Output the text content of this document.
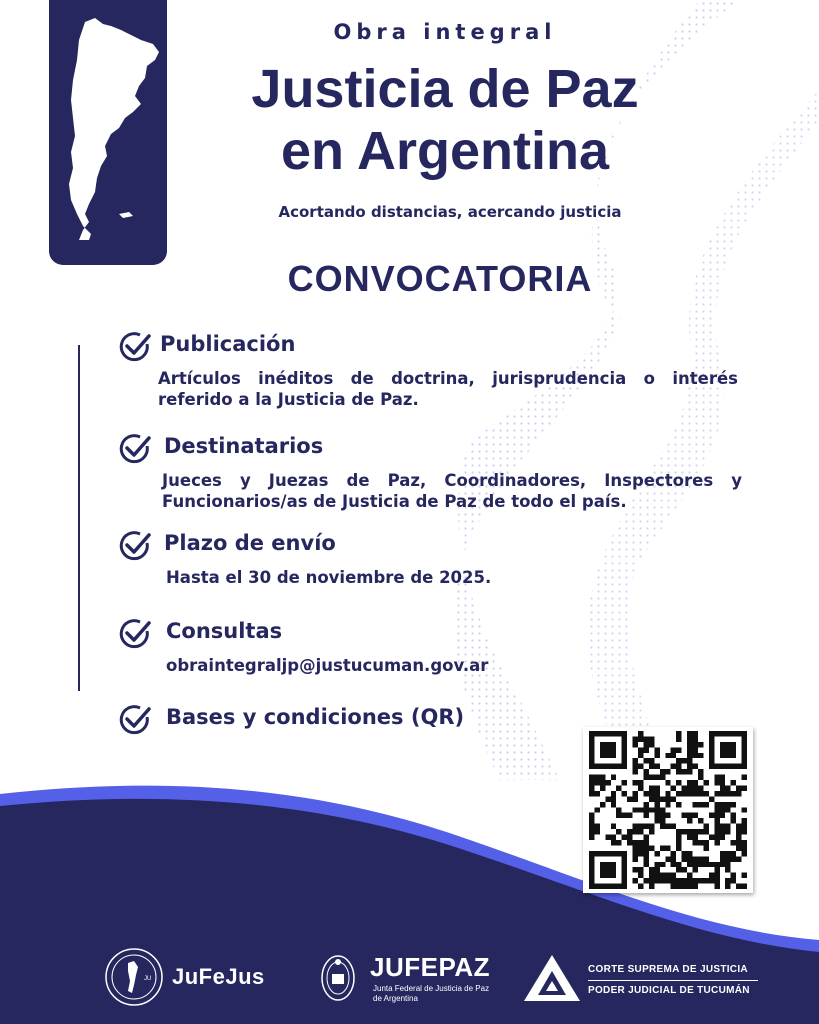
Obra integral
Justicia de Paz
en Argentina
Acortando distancias, acercando justicia
CONVOCATORIA
Publicación
Artículos inéditos de doctrina, jurisprudencia o interés referido a la Justicia de Paz.
Destinatarios
Jueces y Juezas de Paz, Coordinadores, Inspectores y Funcionarios/as de Justicia de Paz de todo el país.
Plazo de envío
Hasta el 30 de noviembre de 2025.
Consultas
obraintegraljp@justucuman.gov.ar
Bases y condiciones (QR)
JU JuFeJus	JUFEPAZ
Junta Federal de Justicia de Paz de Argentina
CORTE SUPREMA DE JUSTICIA
PODER JUDICIAL DE TUCUMÁN
